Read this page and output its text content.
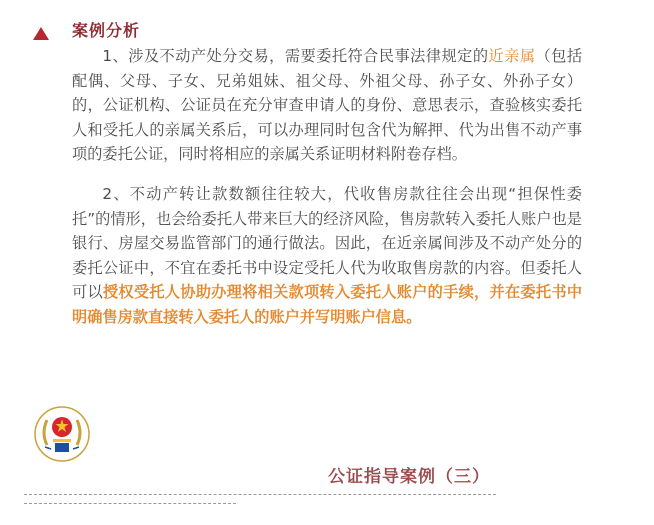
案例分析

1、涉及不动产处分交易，需要委托符合民事法律规定的近亲属（包括配偶、父母、子女、兄弟姐妹、祖父母、外祖父母、孙子女、外孙子女）的，公证机构、公证员在充分审查申请人的身份、意思表示，查验核实委托人和受托人的亲属关系后，可以办理同时包含代为解押、代为出售不动产事项的委托公证，同时将相应的亲属关系证明材料附卷存档。

2、不动产转让款数额往往较大，代收售房款往往会出现“担保性委托”的情形，也会给委托人带来巨大的经济风险，售房款转入委托人账户也是银行、房屋交易监管部门的通行做法。因此，在近亲属间涉及不动产处分的委托公证中，不宜在委托书中设定受托人代为收取售房款的内容。但委托人可以授权受托人协助办理将相关款项转入委托人账户的手续，并在委托书中明确售房款直接转入委托人的账户并写明账户信息。

公证指导案例（三）
